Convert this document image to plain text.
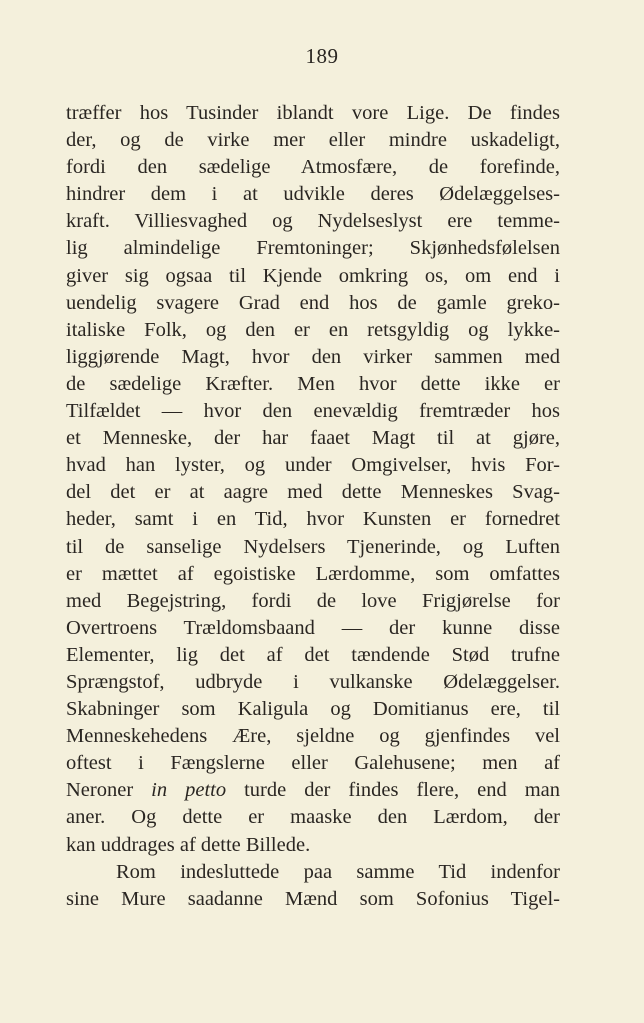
189
træffer hos Tusinder iblandt vore Lige. De findes
der, og de virke mer eller mindre uskadeligt,
fordi den sædelige Atmosfære, de forefinde,
hindrer dem i at udvikle deres Ødelæggelses-
kraft. Villiesvaghed og Nydelseslyst ere temme-
lig almindelige Fremtoninger; Skjønhedsfølelsen
giver sig ogsaa til Kjende omkring os, om end i
uendelig svagere Grad end hos de gamle greko-
italiske Folk, og den er en retsgyldig og lykke-
liggjørende Magt, hvor den virker sammen med
de sædelige Kræfter. Men hvor dette ikke er
Tilfældet — hvor den enevældig fremtræder hos
et Menneske, der har faaet Magt til at gjøre,
hvad han lyster, og under Omgivelser, hvis For-
del det er at aagre med dette Menneskes Svag-
heder, samt i en Tid, hvor Kunsten er fornedret
til de sanselige Nydelsers Tjenerinde, og Luften
er mættet af egoistiske Lærdomme, som omfattes
med Begejstring, fordi de love Frigjørelse for
Overtroens Trældomsbaand — der kunne disse
Elementer, lig det af det tændende Stød trufne
Sprængstof, udbryde i vulkanske Ødelæggelser.
Skabninger som Kaligula og Domitianus ere, til
Menneskehedens Ære, sjeldne og gjenfindes vel
oftest i Fængslerne eller Galehusene; men af
Neroner in petto turde der findes flere, end man
aner. Og dette er maaske den Lærdom, der
kan uddrages af dette Billede.
Rom indesluttede paa samme Tid indenfor
sine Mure saadanne Mænd som Sofonius Tigel-
